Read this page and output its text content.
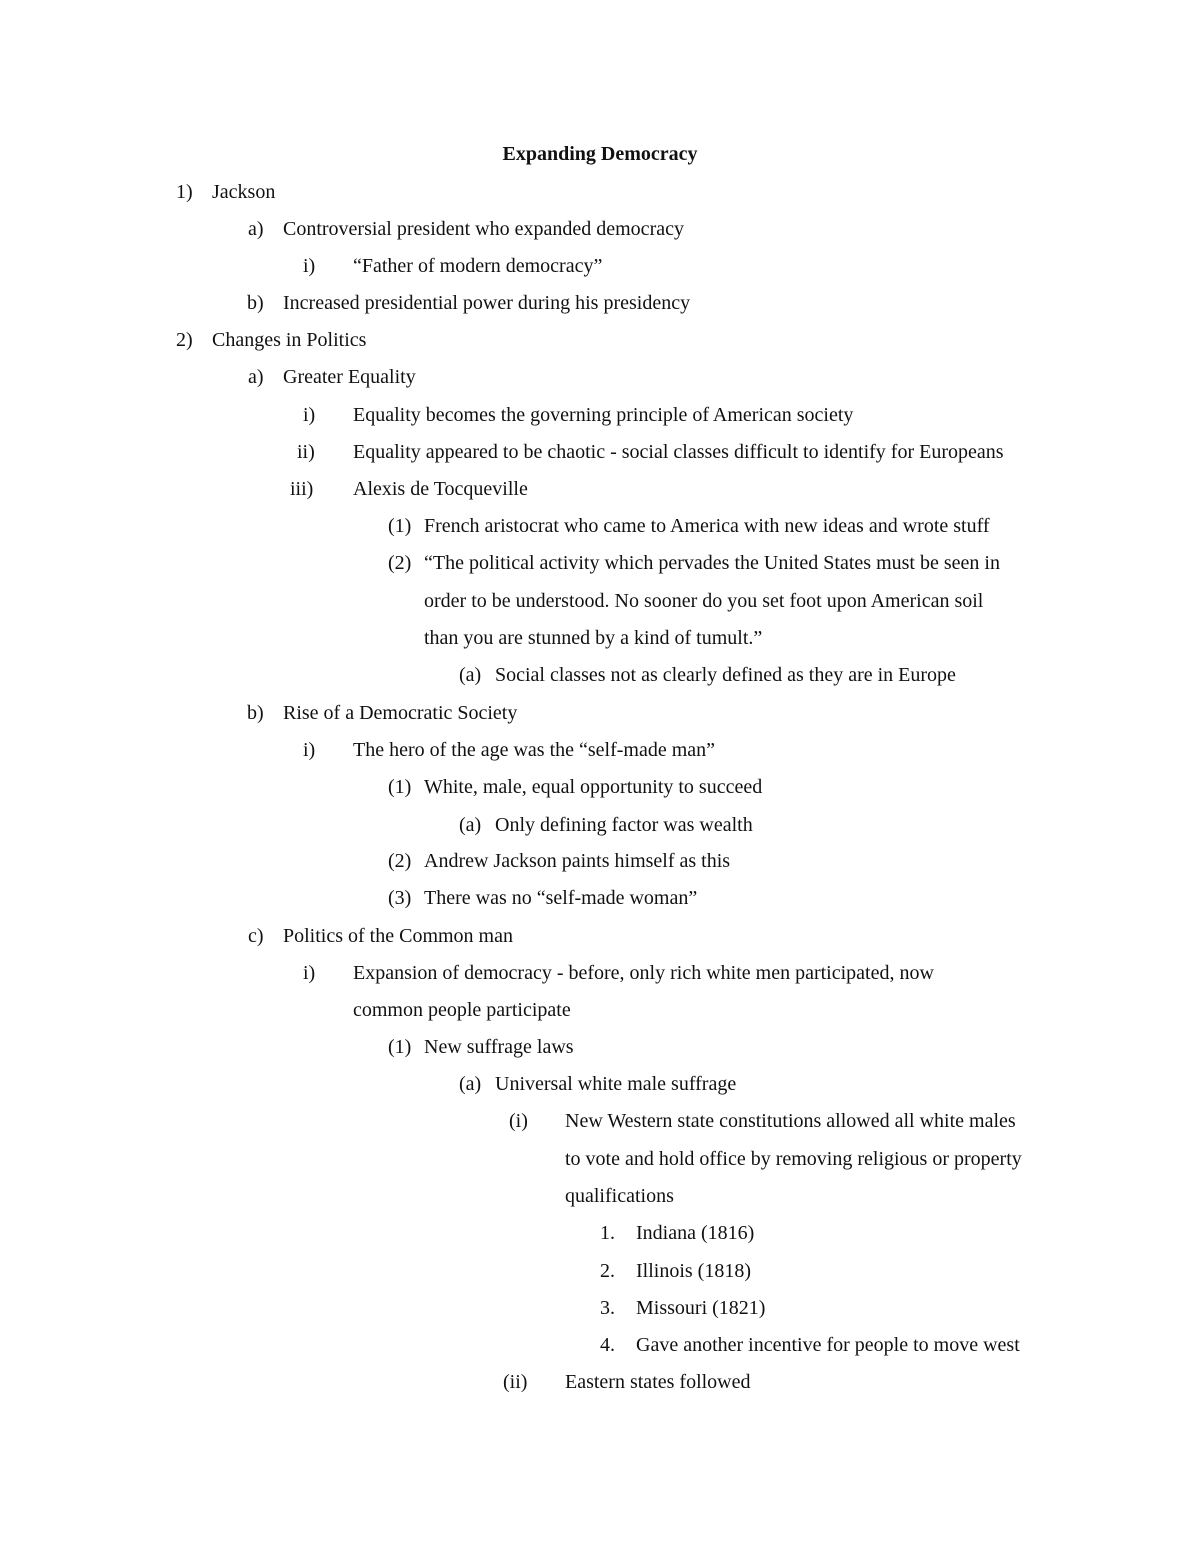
Expanding Democracy
1) Jackson
a) Controversial president who expanded democracy
i) “Father of modern democracy”
b) Increased presidential power during his presidency
2) Changes in Politics
a) Greater Equality
i) Equality becomes the governing principle of American society
ii) Equality appeared to be chaotic - social classes difficult to identify for Europeans
iii) Alexis de Tocqueville
(1) French aristocrat who came to America with new ideas and wrote stuff
(2) “The political activity which pervades the United States must be seen in
order to be understood. No sooner do you set foot upon American soil
than you are stunned by a kind of tumult.”
(a) Social classes not as clearly defined as they are in Europe
b) Rise of a Democratic Society
i) The hero of the age was the “self-made man”
(1) White, male, equal opportunity to succeed
(a) Only defining factor was wealth
(2) Andrew Jackson paints himself as this
(3) There was no “self-made woman”
c) Politics of the Common man
i) Expansion of democracy - before, only rich white men participated, now
common people participate
(1) New suffrage laws
(a) Universal white male suffrage
(i) New Western state constitutions allowed all white males
to vote and hold office by removing religious or property
qualifications
1. Indiana (1816)
2. Illinois (1818)
3. Missouri (1821)
4. Gave another incentive for people to move west
(ii) Eastern states followed
